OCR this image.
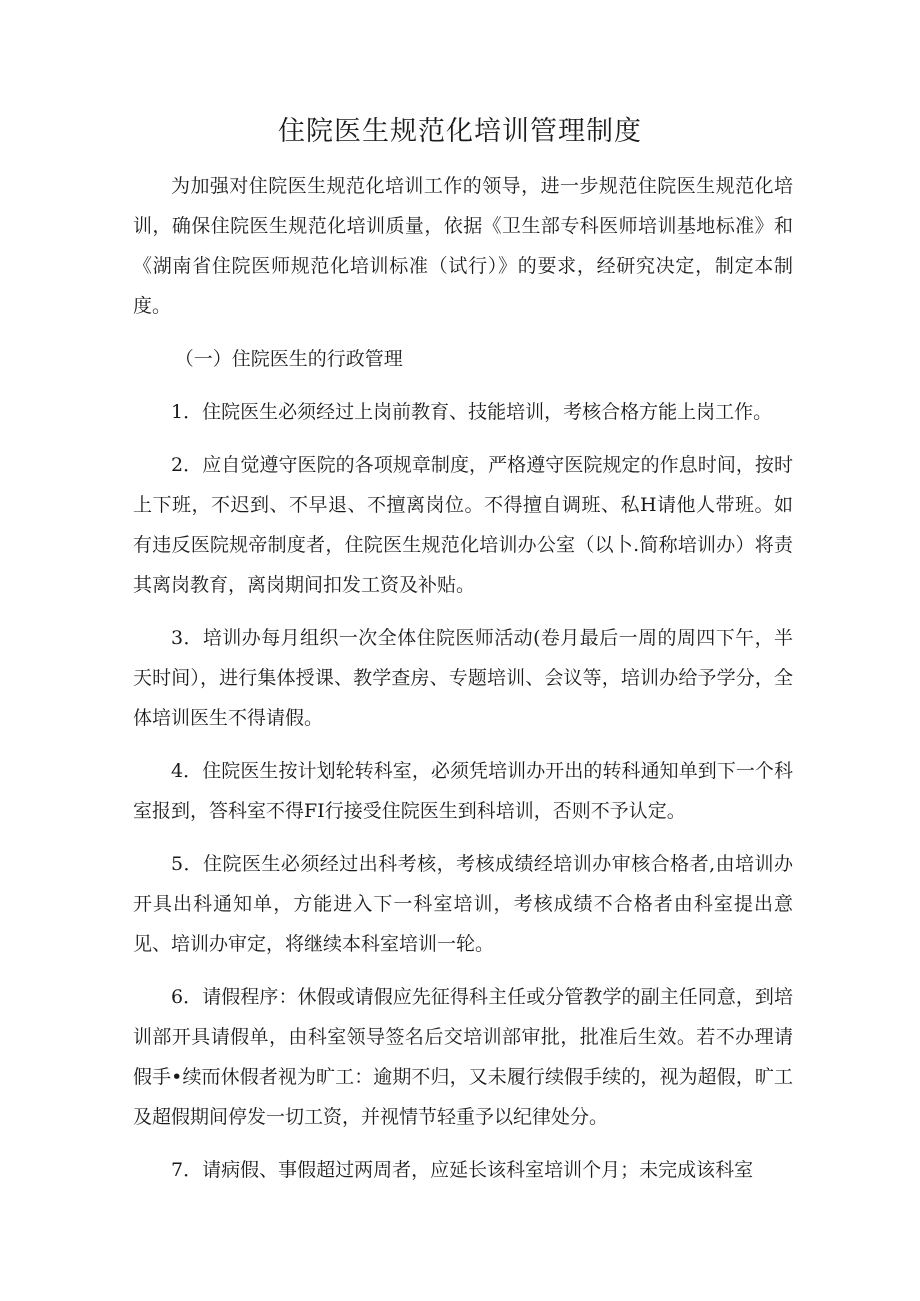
住院医生规范化培训管理制度

为加强对住院医生规范化培训工作的领导，进一步规范住院医生规范化培训，确保住院医生规范化培训质量，依据《卫生部专科医师培训基地标准》和《湖南省住院医师规范化培训标准（试行）》的要求，经研究决定，制定本制度。

（一）住院医生的行政管理

1．住院医生必须经过上岗前教育、技能培训，考核合格方能上岗工作。

2．应自觉遵守医院的各项规章制度，严格遵守医院规定的作息时间，按时上下班，不迟到、不早退、不擅离岗位。不得擅自调班、私H请他人带班。如有违反医院规帝制度者，住院医生规范化培训办公室（以卜.简称培训办）将责其离岗教育，离岗期间扣发工资及补贴。

3．培训办每月组织一次全体住院医师活动(卷月最后一周的周四下午，半天时间），进行集体授课、教学查房、专题培训、会议等，培训办给予学分，全体培训医生不得请假。

4．住院医生按计划轮转科室，必须凭培训办开出的转科通知单到下一个科室报到，答科室不得FI行接受住院医生到科培训，否则不予认定。

5．住院医生必须经过出科考核，考核成绩经培训办审核合格者,由培训办开具出科通知单，方能进入下一科室培训，考核成绩不合格者由科室提出意见、培训办审定，将继续本科室培训一轮。

6．请假程序：休假或请假应先征得科主任或分管教学的副主任同意，到培训部开具请假单，由科室领导签名后交培训部审批，批准后生效。若不办理请假手•续而休假者视为旷工：逾期不归，又未履行续假手续的，视为超假，旷工及超假期间停发一切工资，并视情节轻重予以纪律处分。

7．请病假、事假超过两周者，应延长该科室培训个月；未完成该科室
